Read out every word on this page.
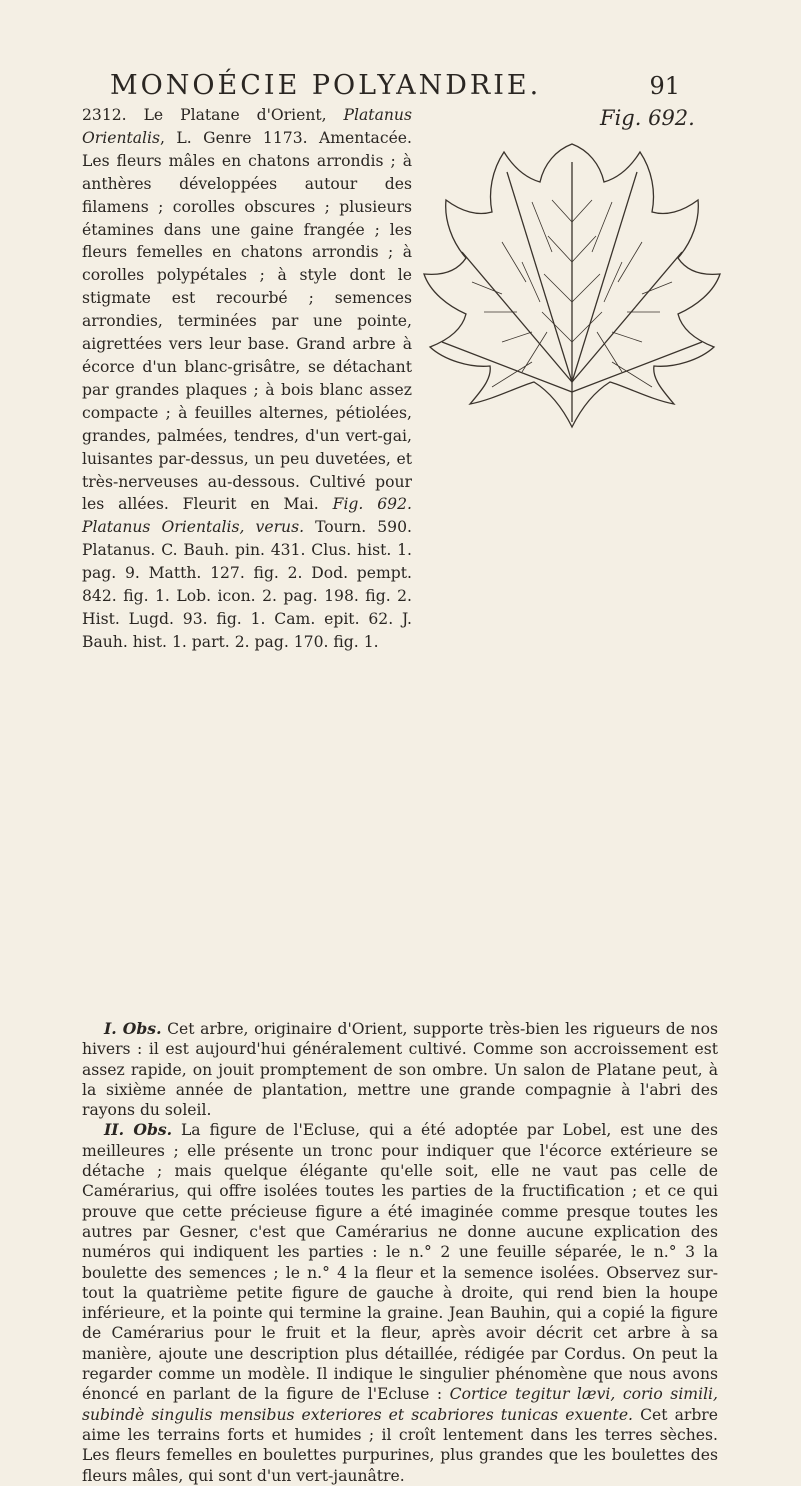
MONOÉCIE POLYANDRIE.	91

2312. Le Platane d'Orient, Platanus Orientalis, L. Genre 1173. Amentacée. Les fleurs mâles en chatons arrondis ; à anthères développées autour des filamens ; corolles obscures ; plusieurs étamines dans une gaine frangée ; les fleurs femelles en chatons arrondis ; à corolles polypétales ; à style dont le stigmate est recourbé ; semences arrondies, terminées par une pointe, aigrettées vers leur base. Grand arbre à écorce d'un blanc-grisâtre, se détachant par grandes plaques ; à bois blanc assez compacte ; à feuilles alternes, pétiolées, grandes, palmées, tendres, d'un vert-gai, luisantes par-dessus, un peu duvetées, et très-nerveuses au-dessous. Cultivé pour les allées. Fleurit en Mai. Fig. 692. Platanus Orientalis, verus. Tourn. 590. Platanus. C. Bauh. pin. 431. Clus. hist. 1. pag. 9. Matth. 127. fig. 2. Dod. pempt. 842. fig. 1. Lob. icon. 2. pag. 198. fig. 2. Hist. Lugd. 93. fig. 1. Cam. epit. 62. J. Bauh. hist. 1. part. 2. pag. 170. fig. 1.

Fig. 692.

I. Obs. Cet arbre, originaire d'Orient, supporte très-bien les rigueurs de nos hivers : il est aujourd'hui généralement cultivé. Comme son accroissement est assez rapide, on jouit promptement de son ombre. Un salon de Platane peut, à la sixième année de plantation, mettre une grande compagnie à l'abri des rayons du soleil.

II. Obs. La figure de l'Ecluse, qui a été adoptée par Lobel, est une des meilleures ; elle présente un tronc pour indiquer que l'écorce extérieure se détache ; mais quelque élégante qu'elle soit, elle ne vaut pas celle de Camérarius, qui offre isolées toutes les parties de la fructification ; et ce qui prouve que cette précieuse figure a été imaginée comme presque toutes les autres par Gesner, c'est que Camérarius ne donne aucune explication des numéros qui indiquent les parties : le n.° 2 une feuille séparée, le n.° 3 la boulette des semences ; le n.° 4 la fleur et la semence isolées. Observez sur-tout la quatrième petite figure de gauche à droite, qui rend bien la houpe inférieure, et la pointe qui termine la graine. Jean Bauhin, qui a copié la figure de Camérarius pour le fruit et la fleur, après avoir décrit cet arbre à sa manière, ajoute une description plus détaillée, rédigée par Cordus. On peut la regarder comme un modèle. Il indique le singulier phénomène que nous avons énoncé en parlant de la figure de l'Ecluse : Cortice tegitur lævi, corio simili, subindè singulis mensibus exteriores et scabriores tunicas exuente. Cet arbre aime les terrains forts et humides ; il croît lentement dans les terres sèches. Les fleurs femelles en boulettes purpurines, plus grandes que les boulettes des fleurs mâles, qui sont d'un vert-jaunâtre.
